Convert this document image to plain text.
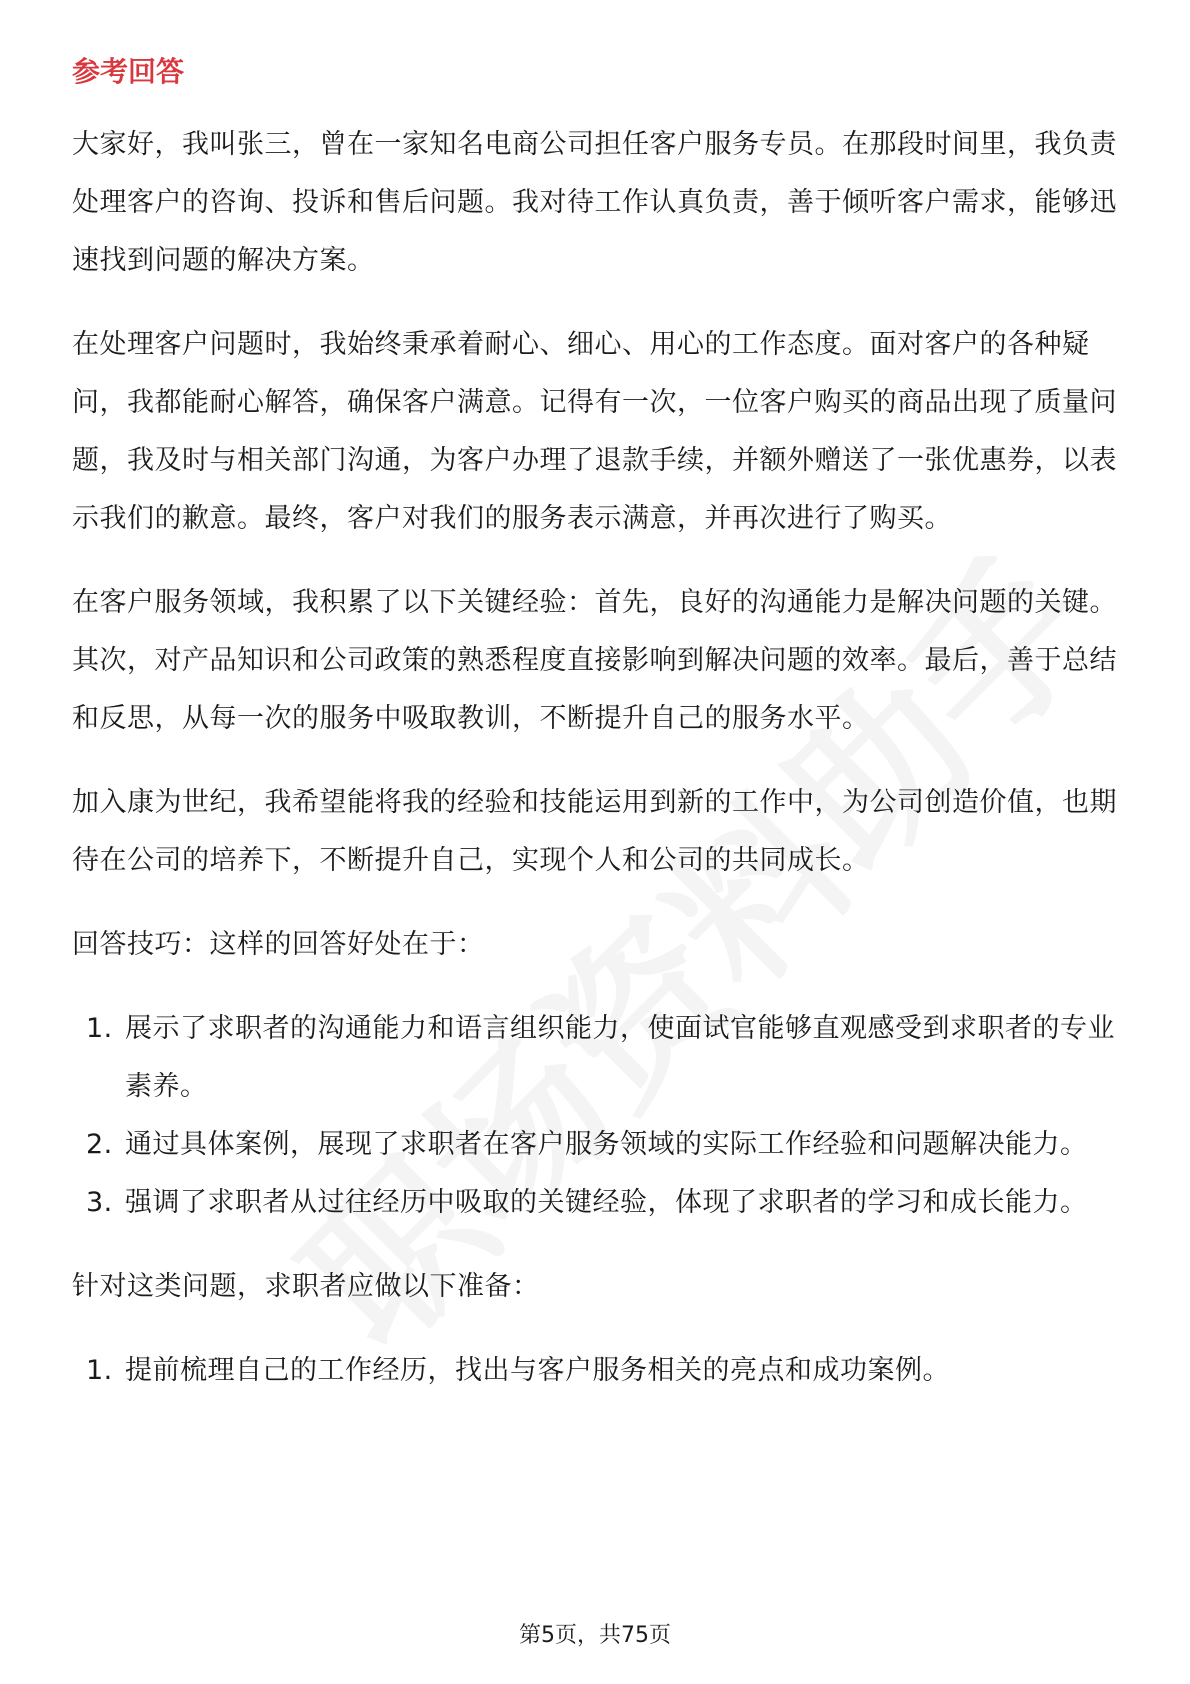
参考回答

大家好，我叫张三，曾在一家知名电商公司担任客户服务专员。在那段时间里，我负责处理客户的咨询、投诉和售后问题。我对待工作认真负责，善于倾听客户需求，能够迅速找到问题的解决方案。

在处理客户问题时，我始终秉承着耐心、细心、用心的工作态度。面对客户的各种疑问，我都能耐心解答，确保客户满意。记得有一次，一位客户购买的商品出现了质量问题，我及时与相关部门沟通，为客户办理了退款手续，并额外赠送了一张优惠券，以表示我们的歉意。最终，客户对我们的服务表示满意，并再次进行了购买。

在客户服务领域，我积累了以下关键经验：首先，良好的沟通能力是解决问题的关键。其次，对产品知识和公司政策的熟悉程度直接影响到解决问题的效率。最后，善于总结和反思，从每一次的服务中吸取教训，不断提升自己的服务水平。

加入康为世纪，我希望能将我的经验和技能运用到新的工作中，为公司创造价值，也期待在公司的培养下，不断提升自己，实现个人和公司的共同成长。

回答技巧：这样的回答好处在于：

1. 展示了求职者的沟通能力和语言组织能力，使面试官能够直观感受到求职者的专业素养。
2. 通过具体案例，展现了求职者在客户服务领域的实际工作经验和问题解决能力。
3. 强调了求职者从过往经历中吸取的关键经验，体现了求职者的学习和成长能力。

针对这类问题，求职者应做以下准备：

1. 提前梳理自己的工作经历，找出与客户服务相关的亮点和成功案例。
第5页，共75页
